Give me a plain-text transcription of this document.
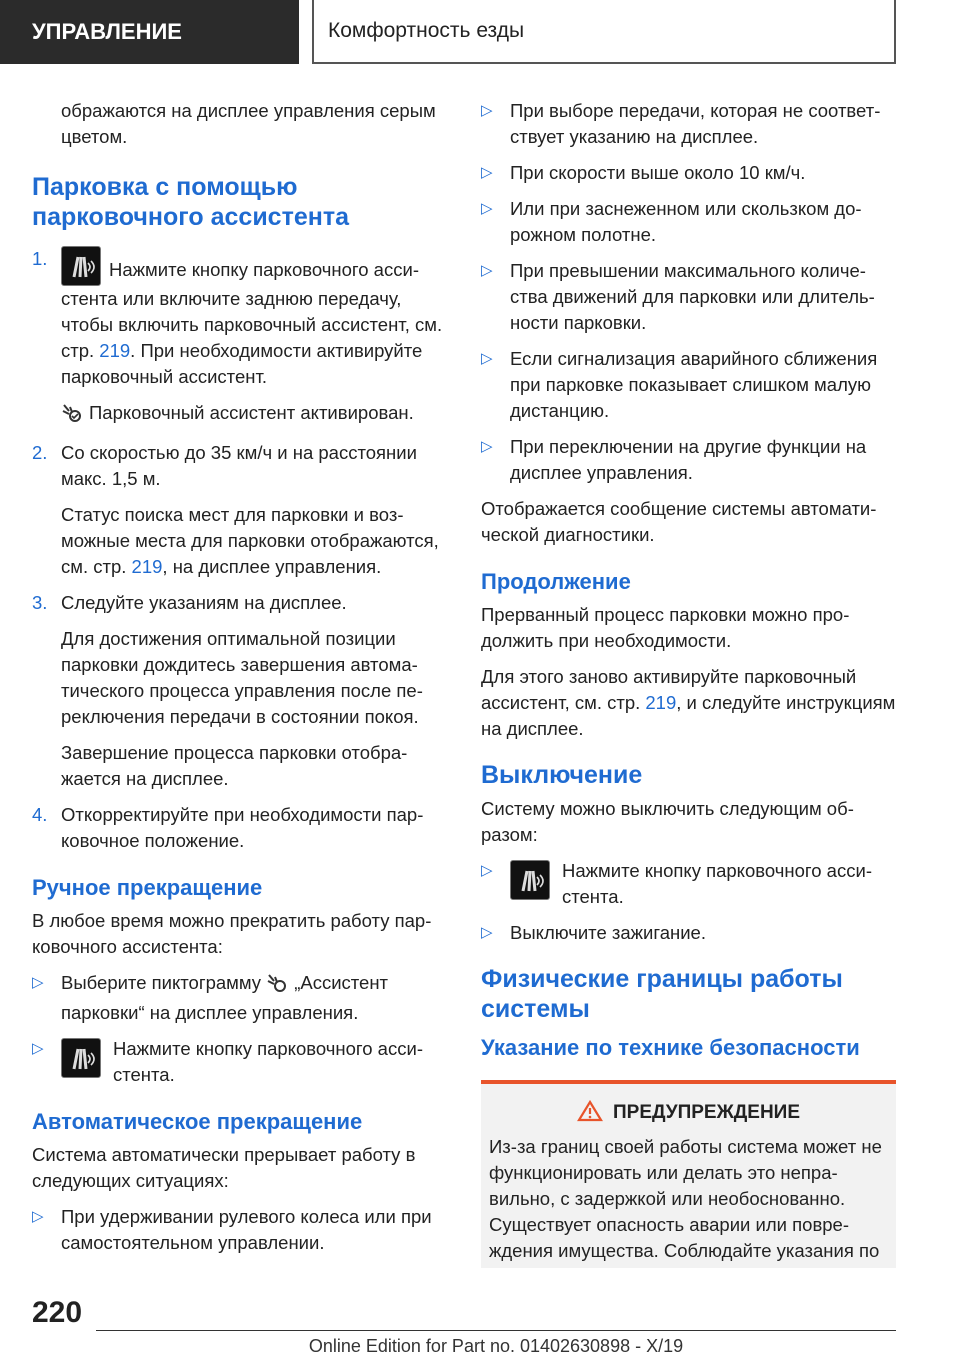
УПРАВЛЕНИЕ	Комфортность езды

ображаются на дисплее управления серым цветом.

Парковка с помощью парковочного ассистента
1.
Нажмите кнопку парковочного ассистента или включите заднюю передачу, чтобы включить парковочный ассистент, см. стр. 219. При необходимости активируйте парковочный ассистент.
Парковочный ассистент активирован.
2. Со скоростью до 35 км/ч и на расстоянии макс. 1,5 м.
Статус поиска мест для парковки и возможные места для парковки отображаются, см. стр. 219, на дисплее управления.
3. Следуйте указаниям на дисплее.
Для достижения оптимальной позиции парковки дождитесь завершения автоматического процесса управления после переключения передачи в состоянии покоя.
Завершение процесса парковки отображается на дисплее.
4. Откорректируйте при необходимости парковочное положение.
Ручное прекращение

В любое время можно прекратить работу парковочного ассистента:

▷ Выберите пиктограмму „Ассистент парковки“ на дисплее управления.
▷	Нажмите кнопку парковочного ассистента.
Автоматическое прекращение

Система автоматически прерывает работу в следующих ситуациях:

▷ При удерживании рулевого колеса или при самостоятельном управлении.
▷ При выборе передачи, которая не соответствует указанию на дисплее.
▷ При скорости выше около 10 км/ч.
▷ Или при заснеженном или скользком дорожном полотне.
▷ При превышении максимального количества движений для парковки или длительности парковки.
▷ Если сигнализация аварийного сближения при парковке показывает слишком малую дистанцию.
▷ При переключении на другие функции на дисплее управления.

Отображается сообщение системы автоматической диагностики.

Продолжение

Прерванный процесс парковки можно продолжить при необходимости.

Для этого заново активируйте парковочный ассистент, см. стр. 219, и следуйте инструкциям на дисплее.

Выключение

Систему можно выключить следующим образом:

▷	Нажмите кнопку парковочного ассистента.
▷ Выключите зажигание.
Физические границы работы системы
Указание по технике безопасности
ПРЕДУПРЕЖДЕНИЕ
Из-за границ своей работы система может не функционировать или делать это неправильно, с задержкой или необоснованно. Существует опасность аварии или повреждения имущества. Соблюдайте указания по
220
Online Edition for Part no. 01402630898 - X/19
